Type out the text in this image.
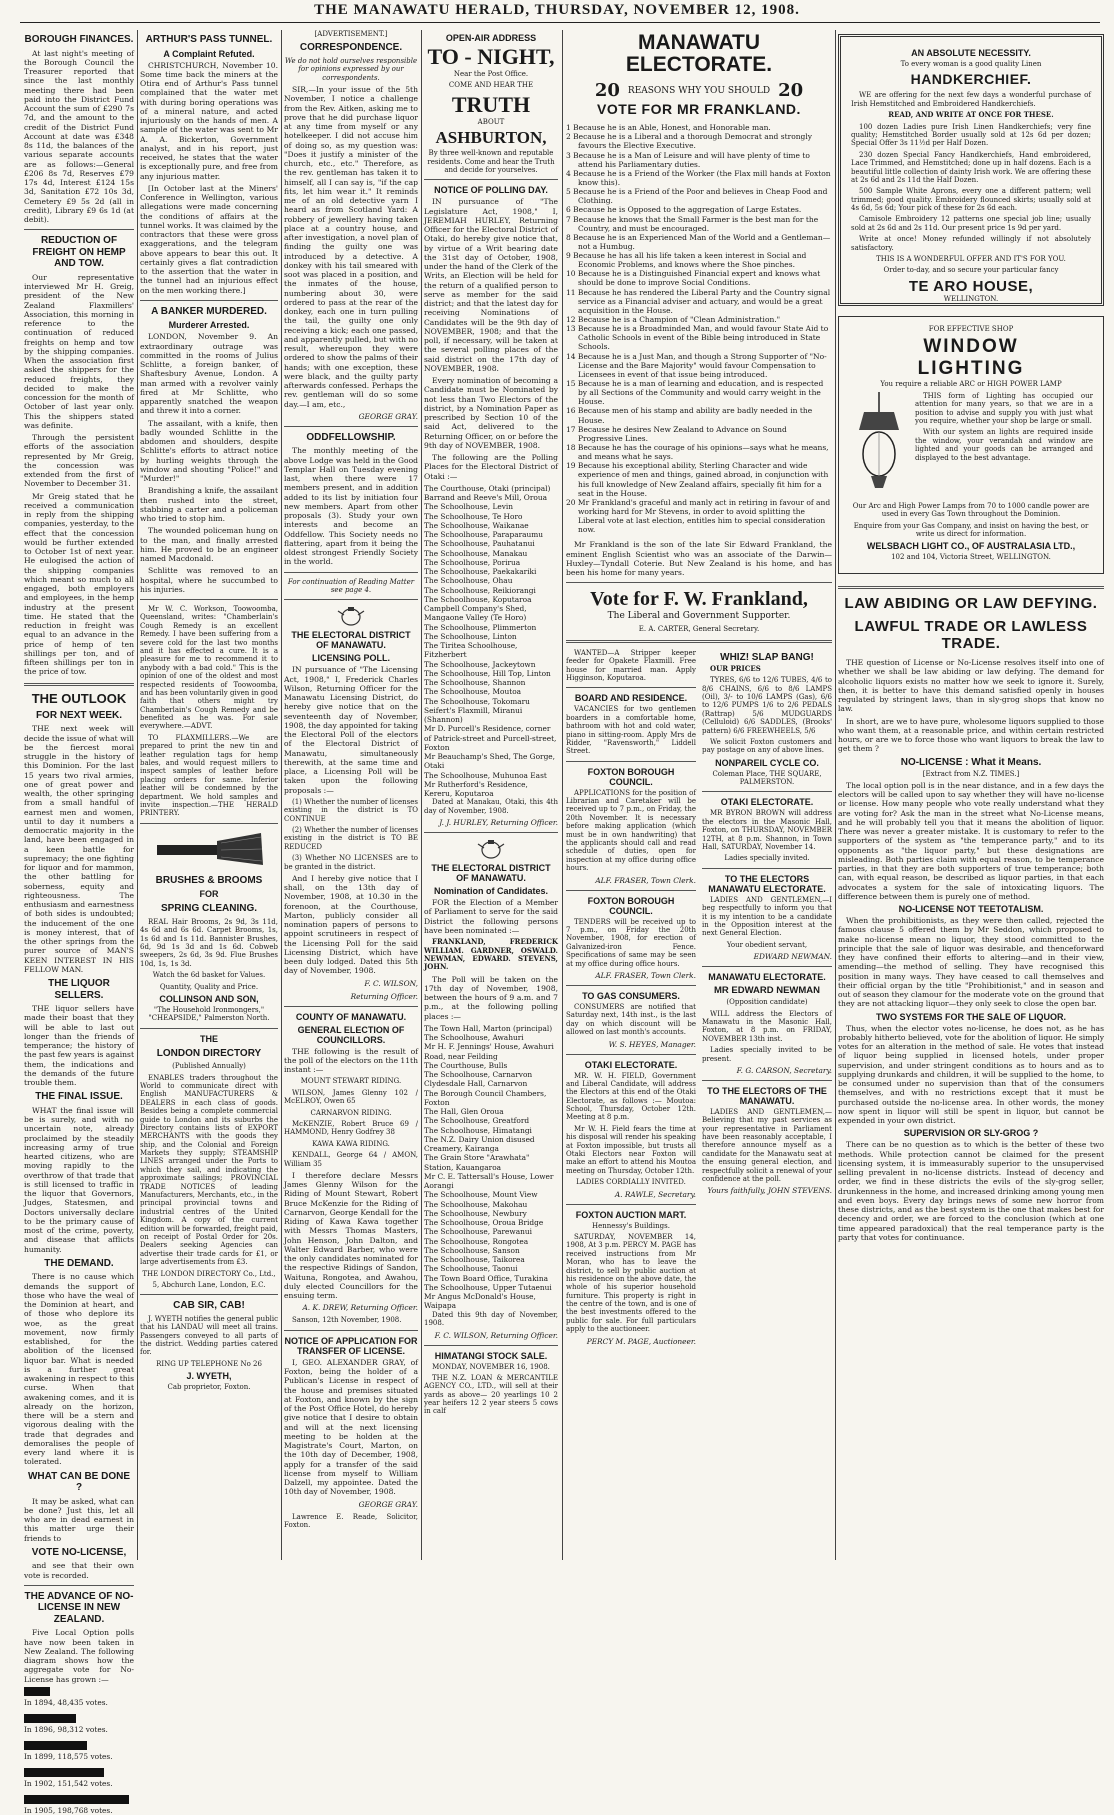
THE MANAWATU HERALD, THURSDAY, NOVEMBER 12, 1908.
BOROUGH FINANCES.

At last night's meeting of the Borough Council the Treasurer reported that since the last monthly meeting there had been paid into the District Fund Account the sum of £290 7s 7d, and the amount to the credit of the District Fund Account at date was £348 8s 11d, the balances of the various separate accounts are as follows:—General £206 8s 7d, Reserves £79 17s 4d, Interest £124 15s 3d, Sanitation £72 10s 3d, Cemetery £9 5s 2d (all in credit), Library £9 6s 1d (at debit).

REDUCTION OF FREIGHT ON HEMP AND TOW.

Our representative interviewed Mr H. Greig, president of the New Zealand Flaxmillers' Association, this morning in reference to the continuation of reduced freights on hemp and tow by the shipping companies. When the association first asked the shippers for the reduced freights, they decided to make the concession for the month of October of last year only. This the shippers stated was definite.

Through the persistent efforts of the association represented by Mr Greig, the concession was extended from the first of November to December 31.

Mr Greig stated that he received a communication in reply from the shipping companies, yesterday, to the effect that the concession would be further extended to October 1st of next year. He eulogised the action of the shipping companies which meant so much to all engaged, both employers and employees, in the hemp industry at the present time. He stated that the reduction in freight was equal to an advance in the price of hemp of ten shillings per ton, and of fifteen shillings per ton in the price of tow.

THE OUTLOOK
FOR NEXT WEEK.

THE next week will decide the issue of what will be the fiercest moral struggle in the history of this Dominion. For the last 15 years two rival armies, one of great power and wealth, the other springing from a small handful of earnest men and women, until to day it numbers a democratic majority in the land, have been engaged in a keen battle for supremacy; the one fighting for liquor and for mammon, the other battling for soberness, equity and righteousness. The enthusiasm and earnestness of both sides is undoubted; the inducement of the one is money interest, that of the other springs from the purer source of MAN'S KEEN INTEREST IN HIS FELLOW MAN.

THE LIQUOR SELLERS.

THE liquor sellers have made their boast that they will be able to last out longer than the friends of temperance; the history of the past few years is against them, the indications and the demands of the future trouble them.

THE FINAL ISSUE.

WHAT the final issue will be is surely, and with no uncertain note, already proclaimed by the steadily increasing army of true hearted citizens, who are moving rapidly to the overthrow of that trade that is still licensed to traffic in the liquor that Governors, Judges, Statesmen, and Doctors universally declare to be the primary cause of most of the crime, poverty, and disease that afflicts humanity.

THE DEMAND.

There is no cause which demands the support of those who have the weal of the Dominion at heart, and of those who deplore its woe, as the great movement, now firmly established, for the abolition of the licensed liquor bar. What is needed is a further great awakening in respect to this curse. When that awakening comes, and it is already on the horizon, there will be a stern and vigorous dealing with the trade that degrades and demoralises the people of every land where it is tolerated.

WHAT CAN BE DONE ?

It may be asked, what can be done? Just this, let all who are in dead earnest in this matter urge their friends to

VOTE NO-LICENSE,

and see that their own vote is recorded.

THE ADVANCE OF NO-LICENSE IN NEW ZEALAND.

Five Local Option polls have now been taken in New Zealand. The following diagram shows how the aggregate vote for No-License has grown :—

In 1894, 48,435 votes.
In 1896, 98,312 votes.
In 1899, 118,575 votes.
In 1902, 151,542 votes.
In 1905, 198,768 votes.
ARTHUR'S PASS TUNNEL.
A Complaint Refuted.

CHRISTCHURCH, November 10. Some time back the miners at the Otira end of Arthur's Pass tunnel complained that the water met with during boring operations was of a mineral nature, and acted injuriously on the hands of men. A sample of the water was sent to Mr A. A. Bickerton, Government analyst, and in his report, just received, he states that the water is exceptionally pure, and free from any injurious matter.

[In October last at the Miners' Conference in Wellington, various allegations were made concerning the conditions of affairs at the tunnel works. It was claimed by the contractors that these were gross exaggerations, and the telegram above appears to bear this out. It certainly gives a flat contradiction to the assertion that the water in the tunnel had an injurious effect on the men working there.]

A BANKER MURDERED.
Murderer Arrested.

LONDON, November 9. An extraordinary outrage was committed in the rooms of Julius Schlitte, a foreign banker, of Shaftesbury Avenue, London. A man armed with a revolver vainly fired at Mr Schlitte, who apparently snatched the weapon and threw it into a corner.

The assailant, with a knife, then badly wounded Schlitte in the abdomen and shoulders, despite Schlitte's efforts to attract notice by hurling weights through the window and shouting "Police!" and "Murder!"

Brandishing a knife, the assailant then rushed into the street, stabbing a carter and a policeman who tried to stop him.

The wounded policeman hung on to the man, and finally arrested him. He proved to be an engineer named Macdonald.

Schlitte was removed to an hospital, where he succumbed to his injuries.

Mr W. C. Workson, Toowoomba, Queensland, writes: "Chamberlain's Cough Remedy is an excellent Remedy. I have been suffering from a severe cold for the last two months and it has effected a cure. It is a pleasure for me to recommend it to anybody with a bad cold." This is the opinion of one of the oldest and most respected residents of Toowoomba, and has been voluntarily given in good faith that others might try Chamberlain's Cough Remedy and be benefited as he was. For sale everywhere.—ADVT.

TO FLAXMILLERS.—We are prepared to print the new tin and leather regulation tags for hemp bales, and would request millers to inspect samples of leather before placing orders for same. Inferior leather will be condemned by the department. We hold samples and invite inspection.—THE HERALD PRINTERY.

BRUSHES & BROOMS
FOR
SPRING CLEANING.

REAL Hair Brooms, 2s 9d, 3s 11d, 4s 6d and 6s 6d. Carpet Brooms, 1s, 1s 6d and 1s 11d. Bannister Brushes, 6d, 9d 1s 3d and 1s 6d. Cobweb sweepers, 2s 6d, 3s 9d. Flue Brushes 10d, 1s, 1s 3d.

Watch the 6d basket for Values.

Quantity, Quality and Price.

COLLINSON AND SON,

"The Household Ironmongers," "CHEAPSIDE," Palmerston North.

THE
LONDON DIRECTORY

(Published Annually)

ENABLES traders throughout the World to communicate direct with English MANUFACTURERS & DEALERS in each class of goods. Besides being a complete commercial guide to London and its suburbs the Directory contains lists of EXPORT MERCHANTS with the goods they ship, and the Colonial and Foreign Markets they supply; STEAMSHIP LINES arranged under the Ports to which they sail, and indicating the approximate sailings; PROVINCIAL TRADE NOTICES of leading Manufacturers, Merchants, etc., in the principal provincial towns and industrial centres of the United Kingdom. A copy of the current edition will be forwarded, freight paid, on receipt of Postal Order for 20s. Dealers seeking Agencies can advertise their trade cards for £1, or large advertisements from £3.

THE LONDON DIRECTORY Co., Ltd.,

5, Abchurch Lane, London, E.C.

CAB SIR, CAB!

J. WYETH notifies the general public that his LANDAU will meet all trains. Passengers conveyed to all parts of the district. Wedding parties catered for.

RING UP TELEPHONE No 26

J. WYETH,

Cab proprietor, Foxton.

[ADVERTISEMENT.]

CORRESPONDENCE.

We do not hold ourselves responsible for opinions expressed by our correspondents.

SIR,—In your issue of the 5th November, I notice a challenge from the Rev. Aitken, asking me to prove that he did purchase liquor at any time from myself or any hotelkeeper. I did not accuse him of doing so, as my question was: "Does it justify a minister of the church, etc., etc." Therefore, as the rev. gentleman has taken it to himself, all I can say is, "if the cap fits, let him wear it." It reminds me of an old detective yarn I heard as from Scotland Yard: A robbery of jewellery having taken place at a country house, and after investigation, a novel plan of finding the guilty one was introduced by a detective. A donkey with his tail smeared with soot was placed in a position, and the inmates of the house, numbering about 30, were ordered to pass at the rear of the donkey, each one in turn pulling the tail, the guilty one only receiving a kick; each one passed, and apparently pulled, but with no result, whereupon they were ordered to show the palms of their hands; with one exception, these were black, and the guilty party afterwards confessed. Perhaps the rev. gentleman will do so some day.—I am, etc.,

GEORGE GRAY.
ODDFELLOWSHIP.

The monthly meeting of the above Lodge was held in the Good Templar Hall on Tuesday evening last, when there were 17 members present, and in addition added to its list by initiation four new members. Apart from other proposals (3). Study your own interests and become an Oddfellow. This Society needs no flattering, apart from it being the oldest strongest Friendly Society in the world.

For continuation of Reading Matter see page 4.

THE ELECTORAL DISTRICT OF MANAWATU.
LICENSING POLL.

IN pursuance of "The Licensing Act, 1908," I, Frederick Charles Wilson, Returning Officer for the Manawatu Licensing District, do hereby give notice that on the seventeenth day of November, 1908, the day appointed for taking the Electoral Poll of the electors of the Electoral District of Manawatu, simultaneously therewith, at the same time and place, a Licensing Poll will be taken upon the following proposals :—

(1) Whether the number of licenses existing in the district is TO CONTINUE

(2) Whether the number of licenses existing in the district is TO BE REDUCED

(3) Whether NO LICENSES are to be granted in the district.

And I hereby give notice that I shall, on the 13th day of November, 1908, at 10.30 in the forenoon, at the Courthouse, Marton, publicly consider all nomination papers of persons to appoint scrutineers in respect of the Licensing Poll for the said Licensing District, which have been duly lodged. Dated this 5th day of November, 1908.

F. C. WILSON,
Returning Officer.
COUNTY OF MANAWATU.
GENERAL ELECTION OF COUNCILLORS.

THE following is the result of the poll of the electors on the 11th instant :—

MOUNT STEWART RIDING.

WILSON, James Glenny 102 / McELROY, Owen 65

CARNARVON RIDING.

McKENZIE, Robert Bruce 69 / HAMMOND, Henry Godfrey 38

KAWA KAWA RIDING.

KENDALL, George 64 / AMON, William 35

I therefore declare Messrs James Glenny Wilson for the Riding of Mount Stewart, Robert Bruce McKenzie for the Riding of Carnarvon, George Kendall for the Riding of Kawa Kawa together with Messrs Thomas Masters, John Henson, John Dalton, and Walter Edward Barber, who were the only candidates nominated for the respective Ridings of Sandon, Waituna, Rongotea, and Awahou, duly elected Councillors for the ensuing term.

A. K. DREW, Returning Officer.

Sanson, 12th November, 1908.

NOTICE OF APPLICATION FOR TRANSFER OF LICENSE.

I, GEO. ALEXANDER GRAY, of Foxton, being the holder of a Publican's License in respect of the house and premises situated at Foxton, and known by the sign of the Post Office Hotel, do hereby give notice that I desire to obtain and will at the next licensing meeting to be holden at the Magistrate's Court, Marton, on the 10th day of December, 1908, apply for a transfer of the said license from myself to William Dalzell, my appointee. Dated the 10th day of November, 1908.

GEORGE GRAY.

Lawrence E. Reade, Solicitor, Foxton.

OPEN-AIR ADDRESS
TO - NIGHT,

Near the Post Office.

COME AND HEAR THE

TRUTH

ABOUT

ASHBURTON,

By three well-known and reputable residents. Come and hear the Truth and decide for yourselves.

NOTICE OF POLLING DAY.

IN pursuance of "The Legislature Act, 1908," I, JEREMIAH HURLEY, Returning Officer for the Electoral District of Otaki, do hereby give notice that, by virtue of a Writ bearing date the 31st day of October, 1908, under the hand of the Clerk of the Writs, an Election will be held for the return of a qualified person to serve as member for the said district; and that the latest day for receiving Nominations of Candidates will be the 9th day of NOVEMBER, 1908; and that the poll, if necessary, will be taken at the several polling places of the said district on the 17th day of NOVEMBER, 1908.

Every nomination of becoming a Candidate must be Nominated by not less than Two Electors of the district, by a Nomination Paper as prescribed by Section 10 of the said Act, delivered to the Returning Officer, on or before the 9th day of NOVEMBER, 1908.

The following are the Polling Places for the Electoral District of Otaki :—

The Courthouse, Otaki (principal)
Barrand and Reeve's Mill, Oroua
The Schoolhouse, Levin
The Schoolhouse, Te Horo
The Schoolhouse, Waikanae
The Schoolhouse, Paraparaumu
The Schoolhouse, Pauhatanui
The Schoolhouse, Manakau
The Schoolhouse, Porirua
The Schoolhouse, Paekakariki
The Schoolhouse, Ohau
The Schoolhouse, Reikiorangi
The Schoolhouse, Koputaroa
Campbell Company's Shed, Mangaone Valley (Te Horo)
The Schoolhouse, Plimmerton
The Schoolhouse, Linton
The Tiritea Schoolhouse, Fitzherbert
The Schoolhouse, Jackeytown
The Schoolhouse, Hill Top, Linton
The Schoolhouse, Shannon
The Schoolhouse, Moutoa
The Schoolhouse, Tokomaru
Seifert's Flaxmill, Miranui (Shannon)
Mr D. Purcell's Residence, corner of Patrick-street and Purcell-street, Foxton
Mr Beauchamp's Shed, The Gorge, Otaki
The Schoolhouse, Muhunoa East
Mr Rutherford's Residence, Kereru, Koputaroa

Dated at Manakau, Otaki, this 4th day of November, 1908.

J. J. HURLEY, Returning Officer.
THE ELECTORAL DISTRICT OF MANAWATU.
Nomination of Candidates.

FOR the Election of a Member of Parliament to serve for the said District the following persons have been nominated :—

FRANKLAND, FREDERICK WILLIAM. GARDNER, OSWALD. NEWMAN, EDWARD. STEVENS, JOHN.

The Poll will be taken on the 17th day of November, 1908, between the hours of 9 a.m. and 7 p.m., at the following polling places :—

The Town Hall, Marton (principal)
The Schoolhouse, Awahuri
Mr H. F. Jennings' House, Awahuri Road, near Feilding
The Courthouse, Bulls
The Schoolhouse, Carnarvon
Clydesdale Hall, Carnarvon
The Borough Council Chambers, Foxton
The Hall, Glen Oroua
The Schoolhouse, Greatford
The Schoolhouse, Himatangi
The N.Z. Dairy Union disused Creamery, Kairanga
The Grain Store "Arawhata" Station, Kauangaroa
Mr C. E. Tattersall's House, Lower Aorangi
The Schoolhouse, Mount View
The Schoolhouse, Makohau
The Schoolhouse, Newbury
The Schoolhouse, Oroua Bridge
The Schoolhouse, Parewanui
The Schoolhouse, Rongotea
The Schoolhouse, Sanson
The Schoolhouse, Taikorea
The Schoolhouse, Taonui
The Town Board Office, Turakina
The Schoolhouse, Upper Tutaenui
Mr Angus McDonald's House, Waipapa

Dated this 9th day of November, 1908.

F. C. WILSON, Returning Officer.
HIMATANGI STOCK SALE.

MONDAY, NOVEMBER 16, 1908.

THE N.Z. LOAN & MERCANTILE AGENCY CO., LTD., will sell at their yards as above— 20 yearlings 10 2 year heifers 12 2 year steers 5 cows in calf

MANAWATU ELECTORATE.
20 REASONS WHY YOU SHOULD 20
VOTE FOR MR FRANKLAND.
1 Because he is an Able, Honest, and Honorable man.
2 Because he is a Liberal and a thorough Democrat and strongly favours the Elective Executive.
3 Because he is a Man of Leisure and will have plenty of time to attend his Parliamentary duties.
4 Because he is a Friend of the Worker (the Flax mill hands at Foxton know this).
5 Because he is a Friend of the Poor and believes in Cheap Food and Clothing.
6 Because he is Opposed to the aggregation of Large Estates.
7 Because he knows that the Small Farmer is the best man for the Country, and must be encouraged.
8 Because he is an Experienced Man of the World and a Gentleman—not a Humbug.
9 Because he has all his life taken a keen interest in Social and Economic Problems, and knows where the Shoe pinches.
10 Because he is a Distinguished Financial expert and knows what should be done to improve Social Conditions.
11 Because he has rendered the Liberal Party and the Country signal service as a Financial adviser and actuary, and would be a great acquisition in the House.
12 Because he is a Champion of "Clean Administration."
13 Because he is a Broadminded Man, and would favour State Aid to Catholic Schools in event of the Bible being introduced in State Schools.
14 Because he is a Just Man, and though a Strong Supporter of "No-License and the Bare Majority" would favour Compensation to Licensees in event of that issue being introduced.
15 Because he is a man of learning and education, and is respected by all Sections of the Community and would carry weight in the House.
16 Because men of his stamp and ability are badly needed in the House.
17 Because he desires New Zealand to Advance on Sound Progressive Lines.
18 Because he has the courage of his opinions—says what he means, and means what he says.
19 Because his exceptional ability, Sterling Character and wide experience of men and things, gained abroad, in conjunction with his full knowledge of New Zealand affairs, specially fit him for a seat in the House.
20 Mr Frankland's graceful and manly act in retiring in favour of and working hard for Mr Stevens, in order to avoid splitting the Liberal vote at last election, entitles him to special consideration now.

Mr Frankland is the son of the late Sir Edward Frankland, the eminent English Scientist who was an associate of the Darwin—Huxley—Tyndall Coterie. But New Zealand is his home, and has been his home for many years.

Vote for F. W. Frankland,

The Liberal and Government Supporter.

E. A. CARTER, General Secretary.

WANTED—A Stripper keeper feeder for Opakete Flaxmill. Free house for married man. Apply Higginson, Koputaroa.

BOARD AND RESIDENCE.

VACANCIES for two gentlemen boarders in a comfortable home, bathroom with hot and cold water, piano in sitting-room. Apply Mrs de Ridder, "Ravensworth," Liddell Street.

FOXTON BOROUGH COUNCIL.

APPLICATIONS for the position of Librarian and Caretaker will be received up to 7 p.m., on Friday, the 20th November. It is necessary before making application (which must be in own handwriting) that the applicants should call and read schedule of duties, open for inspection at my office during office hours.

ALF. FRASER, Town Clerk.
FOXTON BOROUGH COUNCIL.

TENDERS will be received up to 7 p.m., on Friday the 20th November, 1908, for erection of Galvanized-iron Fence. Specifications of same may be seen at my office during office hours.

ALF. FRASER, Town Clerk.
TO GAS CONSUMERS.

CONSUMERS are notified that Saturday next, 14th inst., is the last day on which discount will be allowed on last month's accounts.

W. S. HEYES, Manager.
OTAKI ELECTORATE.

MR. W. H. FIELD, Government and Liberal Candidate, will address the Electors at this end of the Otaki Electorate, as follows :— Moutoa: School, Thursday, October 12th. Meeting at 8 p.m.

Mr W. H. Field fears the time at his disposal will render his speaking at Foxton impossible, but trusts all Otaki Electors near Foxton will make an effort to attend his Moutoa meeting on Thursday, October 12th.

LADIES CORDIALLY INVITED.

A. RAWLE, Secretary.
FOXTON AUCTION MART.

Hennessy's Buildings.

SATURDAY, NOVEMBER 14, 1908, At 3 p.m. PERCY M. PAGE has received instructions from Mr Moran, who has to leave the district, to sell by public auction at his residence on the above date, the whole of his superior household furniture. This property is right in the centre of the town, and is one of the best investments offered to the public for sale. For full particulars apply to the auctioneer.

PERCY M. PAGE, Auctioneer.
WHIZ! SLAP BANG!

OUR PRICES

TYRES, 6/6 to 12/6 TUBES, 4/6 to 8/6 CHAINS, 6/6 to 8/6 LAMPS (Oil), 3/- to 10/6 LAMPS (Gas), 6/6 to 12/6 PUMPS 1/6 to 2/6 PEDALS (Rattrap) 5/6 MUDGUARDS (Celluloid) 6/6 SADDLES, (Brooks' pattern) 6/6 FREEWHEELS, 5/6

We solicit Foxton customers and pay postage on any of above lines.

NONPAREIL CYCLE CO.

Coleman Place, THE SQUARE, PALMERSTON.

OTAKI ELECTORATE.

MR BYRON BROWN will address the electors in the Masonic Hall, Foxton, on THURSDAY, NOVEMBER 12TH, at 8 p.m. Shannon, in Town Hall, SATURDAY, November 14.

Ladies specially invited.

TO THE ELECTORS MANAWATU ELECTORATE.

LADIES AND GENTLEMEN,—I beg respectfully to inform you that it is my intention to be a candidate in the Opposition interest at the next General Election.

Your obedient servant,

EDWARD NEWMAN.
MANAWATU ELECTORATE.
MR EDWARD NEWMAN

(Opposition candidate)

WILL address the Electors of Manawatu in the Masonic Hall, Foxton, at 8 p.m. on FRIDAY, NOVEMBER 13th inst.

Ladies specially invited to be present.

F. G. CARSON, Secretary.
TO THE ELECTORS OF THE MANAWATU.

LADIES AND GENTLEMEN,—Believing that my past services as your representative in Parliament have been reasonably acceptable, I therefore announce myself as a candidate for the Manawatu seat at the ensuing general election, and respectfully solicit a renewal of your confidence at the poll.

Yours faithfully, JOHN STEVENS.
AN ABSOLUTE NECESSITY.

To every woman is a good quality Linen

HANDKERCHIEF.

WE are offering for the next few days a wonderful purchase of Irish Hemstitched and Embroidered Handkerchiefs.

READ, AND WRITE AT ONCE FOR THESE.

100 dozen Ladies pure Irish Linen Handkerchiefs; very fine quality; Hemstitched Border usually sold at 12s 6d per dozen; Special Offer 3s 11½d per Half Dozen.

230 dozen Special Fancy Handkerchiefs, Hand embroidered, Lace Trimmed, and Hemstitched; done up in half dozens. Each is a beautiful little collection of dainty Irish work. We are offering these at 2s 6d and 2s 11d the Half Dozen.

500 Sample White Aprons, every one a different pattern; well trimmed; good quality. Embroidery flounced skirts; usually sold at 4s 6d, 5s 6d; Your pick of these for 2s 6d each.

Camisole Embroidery 12 patterns one special job line; usually sold at 2s 6d and 2s 11d. Our present price 1s 9d per yard.

Write at once! Money refunded willingly if not absolutely satisfactory.

THIS IS A WONDERFUL OFFER AND IT'S FOR YOU.

Order to-day, and so secure your particular fancy

TE ARO HOUSE,

WELLINGTON.

FOR EFFECTIVE SHOP

WINDOW
LIGHTING

You require a reliable ARC or HIGH POWER LAMP

THIS form of Lighting has occupied our attention for many years, so that we are in a position to advise and supply you with just what you require, whether your shop be large or small.

With our system an lights are required inside the window, your verandah and window are lighted and your goods can be arranged and displayed to the best advantage.

Our Arc and High Power Lamps from 70 to 1000 candle power are used in every Gas Town throughout the Dominion.

Enquire from your Gas Company, and insist on having the best, or write us direct for information.

WELSBACH LIGHT CO., OF AUSTRALASIA LTD.,

102 and 104, Victoria Street, WELLINGTON.

LAW ABIDING OR LAW DEFYING.
LAWFUL TRADE OR LAWLESS TRADE.

THE question of License or No-License resolves itself into one of whether we shall be law abiding or law defying. The demand for alcoholic liquors exists no matter how we seek to ignore it. Surely, then, it is better to have this demand satisfied openly in houses regulated by stringent laws, than in sly-grog shops that know no law.

In short, are we to have pure, wholesome liquors supplied to those who want them, at a reasonable price, and within certain restricted hours, or are we to force those who want liquors to break the law to get them ?

NO-LICENSE : What it Means.

[Extract from N.Z. TIMES.]

The local option poll is in the near distance, and in a few days the electors will be called upon to say whether they will have no-license or license. How many people who vote really understand what they are voting for? Ask the man in the street what No-License means, and he will probably tell you that it means the abolition of liquor. There was never a greater mistake. It is customary to refer to the supporters of the system as "the temperance party," and to its opponents as "the liquor party," but these designations are misleading. Both parties claim with equal reason, to be temperance parties, in that they are both supporters of true temperance; both can, with equal reason, be described as liquor parties, in that each advocates a system for the sale of intoxicating liquors. The difference between them is purely one of method.

NO-LICENSE NOT TEETOTALISM.

When the prohibitionists, as they were then called, rejected the famous clause 5 offered them by Mr Seddon, which proposed to make no-license mean no liquor, they stood committed to the principle that the sale of liquor was desirable, and thenceforward they have confined their efforts to altering—and in their view, amending—the method of selling. They have recognised this position in many ways. They have ceased to call themselves and their official organ by the title "Prohibitionist," and in season and out of season they clamour for the moderate vote on the ground that they are not attacking liquor—they only seek to close the open bar.

TWO SYSTEMS FOR THE SALE OF LIQUOR.

Thus, when the elector votes no-license, he does not, as he has probably hitherto believed, vote for the abolition of liquor. He simply votes for an alteration in the method of sale. He votes that instead of liquor being supplied in licensed hotels, under proper supervision, and under stringent conditions as to hours and as to supplying drunkards and children, it will be supplied to the home, to be consumed under no supervision than that of the consumers themselves, and with no restrictions except that it must be purchased outside the no-license area. In other words, the money now spent in liquor will still be spent in liquor, but cannot be expended in your own district.

SUPERVISION OR SLY-GROG ?

There can be no question as to which is the better of these two methods. While protection cannot be claimed for the present licensing system, it is immeasurably superior to the unsupervised selling prevalent in no-license districts. Instead of decency and order, we find in these districts the evils of the sly-grog seller, drunkenness in the home, and increased drinking among young men and even boys. Every day brings news of some new horror from these districts, and as the best system is the one that makes best for decency and order, we are forced to the conclusion (which at one time appeared paradoxical) that the real temperance party is the party that votes for continuance.
